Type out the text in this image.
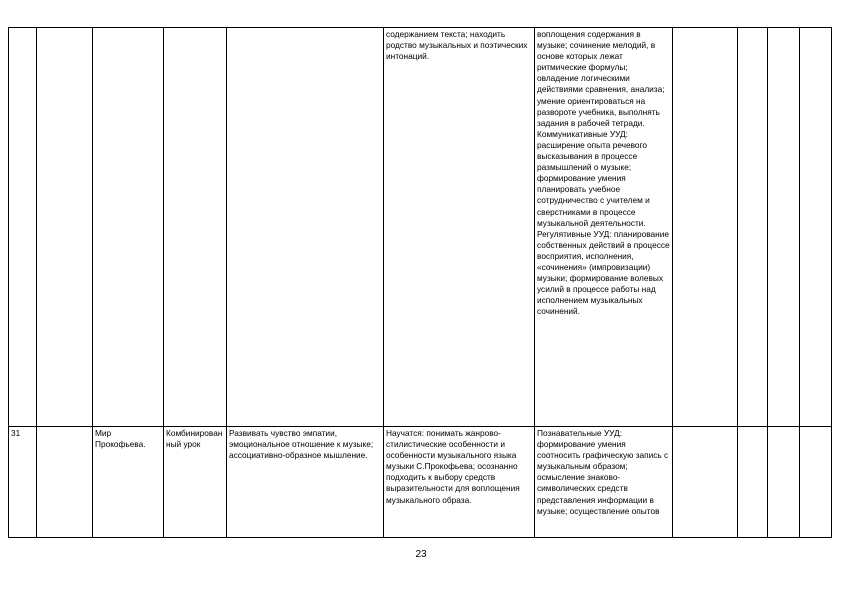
					содержанием текста; находить родство музыкальных и поэтических интонаций.	воплощения содержания в музыке; сочинение мелодий, в основе которых лежат ритмические формулы; овладение логическими действиями сравнения, анализа; умение ориентироваться на развороте учебника, выполнять задания в рабочей тетради. Коммуникативные УУД: расширение опыта речевого высказывания в процессе размышлений о музыке; формирование умения планировать учебное сотрудничество с учителем и сверстниками в процессе музыкальной деятельности. Регулятивные УУД: планирование собственных действий в процессе восприятия, исполнения, «сочинения» (импровизации) музыки; формирование волевых усилий в процессе работы над исполнением музыкальных сочинений.				

31		Мир Прокофьева.	Комбинированный урок	Развивать чувство эмпатии, эмоциональное отношение к музыке; ассоциативно-образное мышление.	Научатся: понимать жанрово-стилистические особенности и особенности музыкального языка музыки С.Прокофьева; осознанно подходить к выбору средств выразительности для воплощения музыкального образа.	Познавательные УУД: формирование умения соотносить графическую запись с музыкальным образом; осмысление знаково-символических средств представления информации в музыке; осуществление опытов				

23
